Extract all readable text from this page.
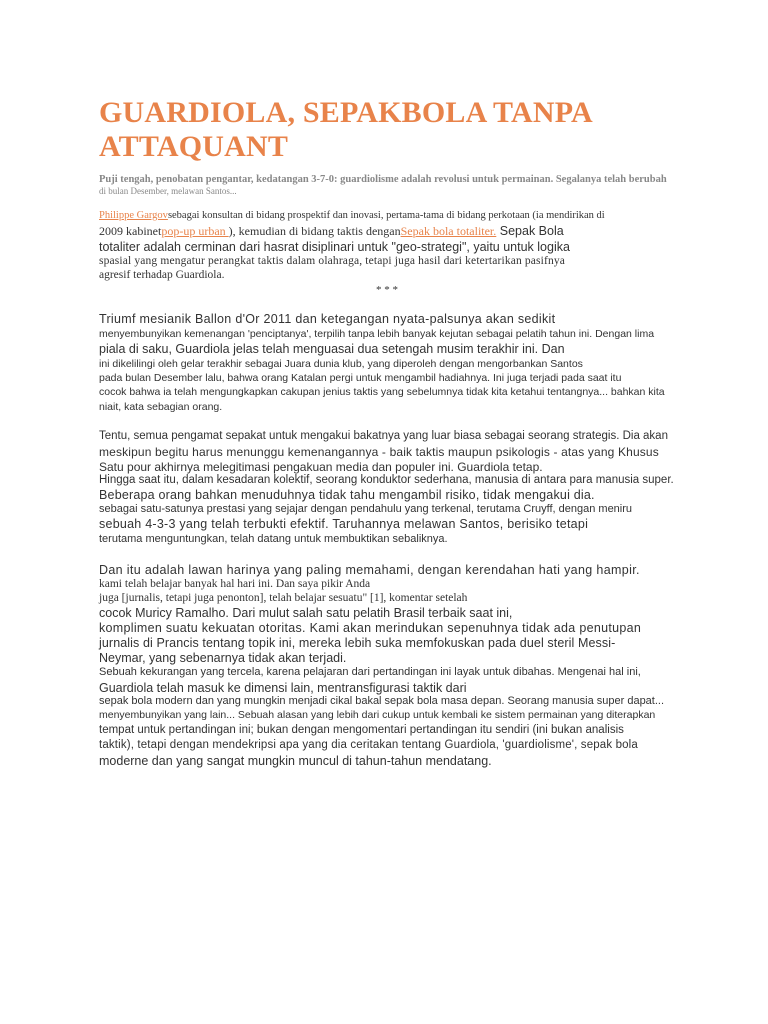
GUARDIOLA, SEPAKBOLA TANPA ATTAQUANT
Puji tengah, penobatan pengantar, kedatangan 3-7-0: guardiolisme adalah revolusi untuk permainan. Segalanya telah berubah
di bulan Desember, melawan Santos...
Philippe Gargovsebagai konsultan di bidang prospektif dan inovasi, pertama-tama di bidang perkotaan (ia mendirikan di
2009 kabinetpop-up urban ), kemudian di bidang taktis denganSepak bola totaliter. Sepak Bola
totaliter adalah cerminan dari hasrat disiplinari untuk "geo-strategi", yaitu untuk logika
spasial yang mengatur perangkat taktis dalam olahraga, tetapi juga hasil dari ketertarikan pasifnya
agresif terhadap Guardiola.
* * *
Triumf mesianik Ballon d'Or 2011 dan ketegangan nyata-palsunya akan sedikit
menyembunyikan kemenangan 'penciptanya', terpilih tanpa lebih banyak kejutan sebagai pelatih tahun ini. Dengan lima
piala di saku, Guardiola jelas telah menguasai dua setengah musim terakhir ini. Dan
ini dikelilingi oleh gelar terakhir sebagai Juara dunia klub, yang diperoleh dengan mengorbankan Santos
pada bulan Desember lalu, bahwa orang Katalan pergi untuk mengambil hadiahnya. Ini juga terjadi pada saat itu
cocok bahwa ia telah mengungkapkan cakupan jenius taktis yang sebelumnya tidak kita ketahui tentangnya... bahkan kita
niait, kata sebagian orang.
Tentu, semua pengamat sepakat untuk mengakui bakatnya yang luar biasa sebagai seorang strategis. Dia akan
meskipun begitu harus menunggu kemenangannya - baik taktis maupun psikologis - atas yang Khusus
Satu pour akhirnya melegitimasi pengakuan media dan populer ini. Guardiola tetap.
Hingga saat itu, dalam kesadaran kolektif, seorang konduktor sederhana, manusia di antara para manusia super.
Beberapa orang bahkan menuduhnya tidak tahu mengambil risiko, tidak mengakui dia.
sebagai satu-satunya prestasi yang sejajar dengan pendahulu yang terkenal, terutama Cruyff, dengan meniru
sebuah 4-3-3 yang telah terbukti efektif. Taruhannya melawan Santos, berisiko tetapi
terutama menguntungkan, telah datang untuk membuktikan sebaliknya.
Dan itu adalah lawan harinya yang paling memahami, dengan kerendahan hati yang hampir.
kami telah belajar banyak hal hari ini. Dan saya pikir Anda
juga [jurnalis, tetapi juga penonton], telah belajar sesuatu" [1], komentar setelah
cocok Muricy Ramalho. Dari mulut salah satu pelatih Brasil terbaik saat ini,
komplimen suatu kekuatan otoritas. Kami akan merindukan sepenuhnya tidak ada penutupan
jurnalis di Prancis tentang topik ini, mereka lebih suka memfokuskan pada duel steril Messi-
Neymar, yang sebenarnya tidak akan terjadi.
Sebuah kekurangan yang tercela, karena pelajaran dari pertandingan ini layak untuk dibahas. Mengenai hal ini,
Guardiola telah masuk ke dimensi lain, mentransfigurasi taktik dari
sepak bola modern dan yang mungkin menjadi cikal bakal sepak bola masa depan. Seorang manusia super dapat...
menyembunyikan yang lain... Sebuah alasan yang lebih dari cukup untuk kembali ke sistem permainan yang diterapkan
tempat untuk pertandingan ini; bukan dengan mengomentari pertandingan itu sendiri (ini bukan analisis
taktik), tetapi dengan mendekripsi apa yang dia ceritakan tentang Guardiola, 'guardiolisme', sepak bola
moderne dan yang sangat mungkin muncul di tahun-tahun mendatang.
